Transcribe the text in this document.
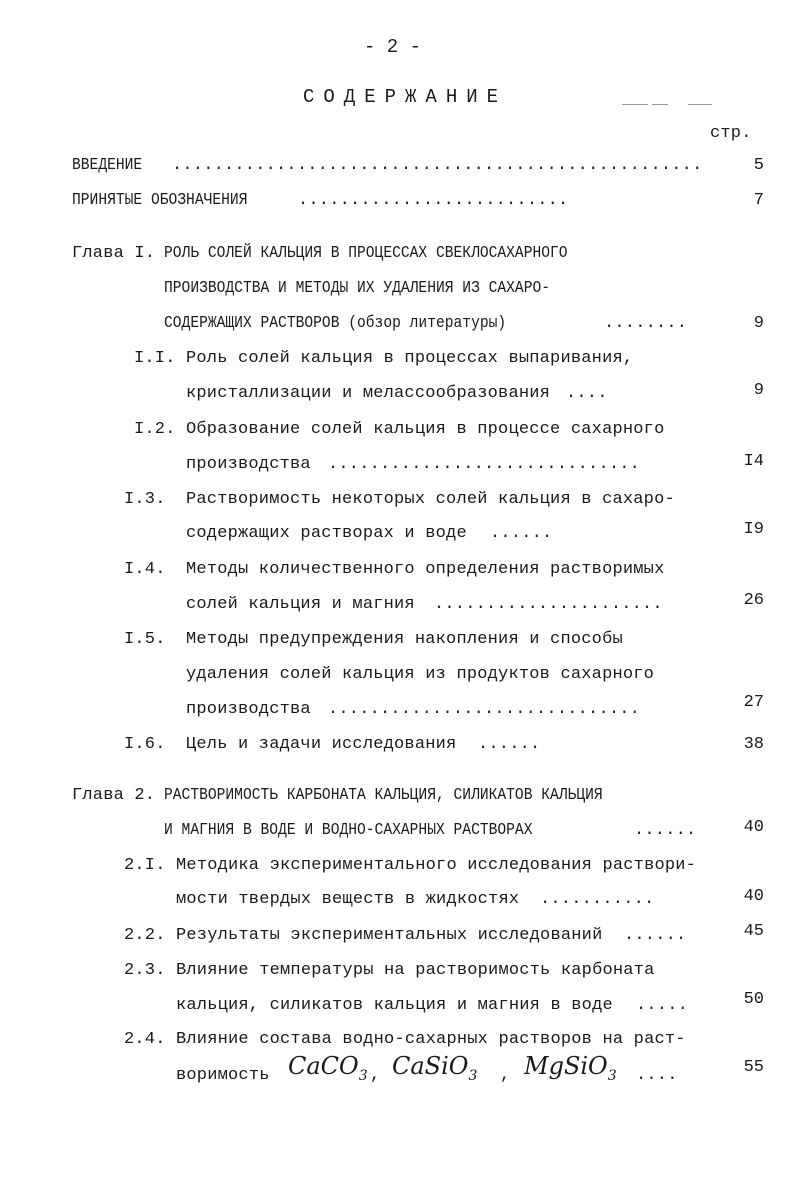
- 2 -
СОДЕРЖАНИЕ
стр.
ВВЕДЕНИЕ ...................................................	5
ПРИНЯТЫЕ ОБОЗНАЧЕНИЯ	..........................	7
Глава I. РОЛЬ СОЛЕЙ КАЛЬЦИЯ В ПРОЦЕССАХ СВЕКЛОСАХАРНОГО
ПРОИЗВОДСТВА И МЕТОДЫ ИХ УДАЛЕНИЯ ИЗ САХАРО-
СОДЕРЖАЩИХ РАСТВОРОВ (обзор литературы)	........	9
I.I. Роль солей кальция в процессах выпаривания,
кристаллизации и мелассообразования ....	9
I.2. Образование солей кальция в процессе сахарного
производства ..............................	I4
I.3. Растворимость некоторых солей кальция в сахаро-
содержащих растворах и воде ......	I9
I.4. Методы количественного определения растворимых
солей кальция и магния ......................	26
I.5. Методы предупреждения накопления и способы
удаления солей кальция из продуктов сахарного
производства ..............................	27
I.6. Цель и задачи исследования ......	38
Глава 2. РАСТВОРИМОСТЬ КАРБОНАТА КАЛЬЦИЯ, СИЛИКАТОВ КАЛЬЦИЯ
И МАГНИЯ В ВОДЕ И ВОДНО-САХАРНЫХ РАСТВОРАХ	......	40
2.I. Методика экспериментального исследования раствори-
мости твердых веществ в жидкостях ...........	40
2.2. Результаты экспериментальных исследований ......	45
2.3. Влияние температуры на растворимость карбоната
кальция, силикатов кальция и магния в воде .....	50
2.4. Влияние состава водно-сахарных растворов на раст-
воримость CaCO$_3$ , CaSiO$_3$ , MgSiO$_3$ ....	55
